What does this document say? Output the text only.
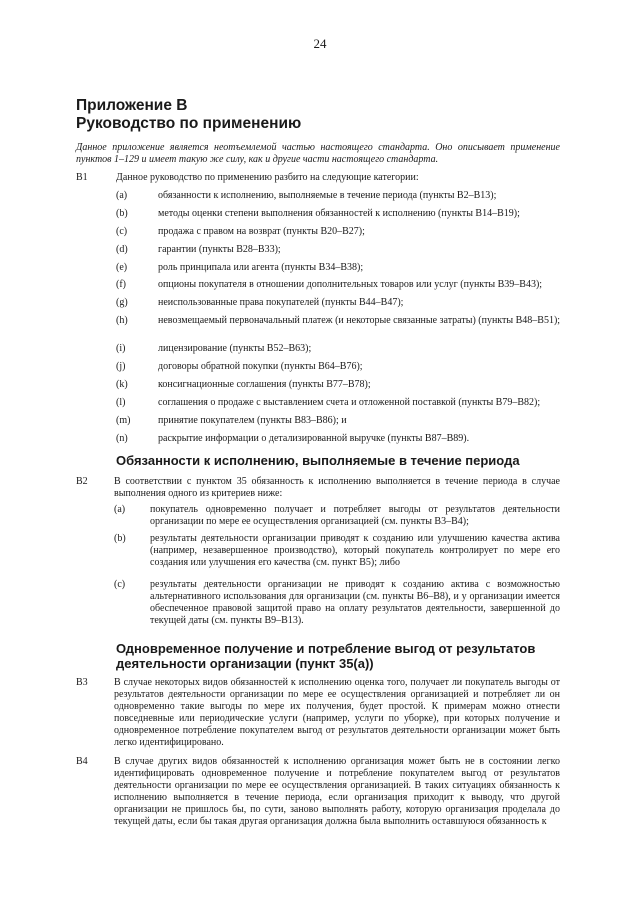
24
Приложение B
Руководство по применению
Данное приложение является неотъемлемой частью настоящего стандарта. Оно описывает применение пунктов 1–129 и имеет такую же силу, как и другие части настоящего стандарта.
B1	Данное руководство по применению разбито на следующие категории:
(a)	обязанности к исполнению, выполняемые в течение периода (пункты B2–B13);
(b)	методы оценки степени выполнения обязанностей к исполнению (пункты B14–B19);
(c)	продажа с правом на возврат (пункты B20–B27);
(d)	гарантии (пункты B28–B33);
(e)	роль принципала или агента (пункты B34–B38);
(f)	опционы покупателя в отношении дополнительных товаров или услуг (пункты B39–B43);
(g)	неиспользованные права покупателей (пункты B44–B47);
(h)	невозмещаемый первоначальный платеж (и некоторые связанные затраты) (пункты B48–B51);
(i)	лицензирование (пункты B52–B63);
(j)	договоры обратной покупки (пункты B64–B76);
(k)	консигнационные соглашения (пункты B77–B78);
(l)	соглашения о продаже с выставлением счета и отложенной поставкой (пункты B79–B82);
(m)	принятие покупателем (пункты B83–B86); и
(n)	раскрытие информации о детализированной выручке (пункты B87–B89).
Обязанности к исполнению, выполняемые в течение периода
B2	В соответствии с пунктом 35 обязанность к исполнению выполняется в течение периода в случае выполнения одного из критериев ниже:
(a) покупатель одновременно получает и потребляет выгоды от результатов деятельности организации по мере ее осуществления организацией (см. пункты B3–B4);
(b) результаты деятельности организации приводят к созданию или улучшению качества актива (например, незавершенное производство), который покупатель контролирует по мере его создания или улучшения его качества (см. пункт B5); либо
(c) результаты деятельности организации не приводят к созданию актива с возможностью альтернативного использования для организации (см. пункты B6–B8), и у организации имеется обеспеченное правовой защитой право на оплату результатов деятельности, завершенной до текущей даты (см. пункты B9–B13).
Одновременное получение и потребление выгод от результатов деятельности организации (пункт 35(a))
B3	В случае некоторых видов обязанностей к исполнению оценка того, получает ли покупатель выгоды от результатов деятельности организации по мере ее осуществления организацией и потребляет ли он одновременно такие выгоды по мере их получения, будет простой. К примерам можно отнести повседневные или периодические услуги (например, услуги по уборке), при которых получение и одновременное потребление покупателем выгод от результатов деятельности организации может быть легко идентифицировано.
B4	В случае других видов обязанностей к исполнению организация может быть не в состоянии легко идентифицировать одновременное получение и потребление покупателем выгод от результатов деятельности организации по мере ее осуществления организацией. В таких ситуациях обязанность к исполнению выполняется в течение периода, если организация приходит к выводу, что другой организации не пришлось бы, по сути, заново выполнять работу, которую организация проделала до текущей даты, если бы такая другая организация должна была выполнить оставшуюся обязанность к
